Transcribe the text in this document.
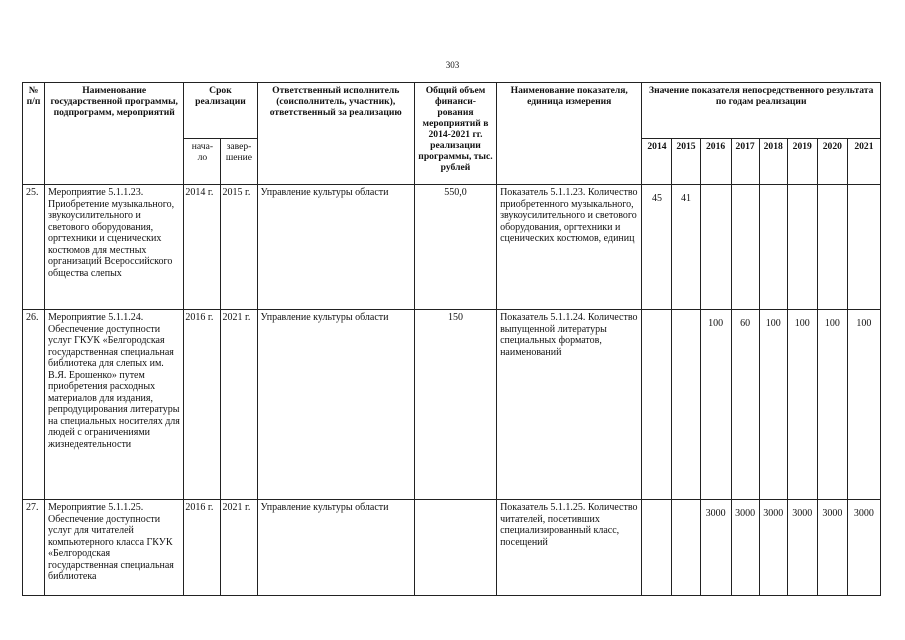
303
№ п/п	Наименование государственной программы, подпрограмм, мероприятий	Срок реализации		Ответственный исполнитель (соисполнитель, участник), ответственный за реализацию	Общий объем финанси-рования мероприятий в 2014-2021 гг. реализации программы, тыс. рублей	Наименование показателя, единица измерения	Значение показателя непосредственного результата по годам реализации							
		нача-ло	завер-шение				2014	2015	2016	2017	2018	2019	2020	2021
25.	Мероприятие 5.1.1.23. Приобретение музыкального, звукоусилительного и светового оборудования, оргтехники и сценических костюмов для местных организаций Всероссийского общества слепых	2014 г.	2015 г.	Управление культуры области	550,0	Показатель 5.1.1.23. Количество приобретенного музыкального, звукоусилительного и светового оборудования, оргтехники и сценических костюмов, единиц	45	41						
26.	Мероприятие 5.1.1.24. Обеспечение доступности услуг ГКУК «Белгородская государственная специальная библиотека для слепых им. В.Я. Ерошенко» путем приобретения расходных материалов для издания, репродуцирования литературы на специальных носителях для людей с ограничениями жизнедеятельности	2016 г.	2021 г.	Управление культуры области	150	Показатель 5.1.1.24. Количество выпущенной литературы специальных форматов, наименований			100	60	100	100	100	100
27.	Мероприятие 5.1.1.25. Обеспечение доступности услуг для читателей компьютерного класса ГКУК «Белгородская государственная специальная библиотека	2016 г.	2021 г.	Управление культуры области		Показатель 5.1.1.25. Количество читателей, посетивших специализированный класс, посещений			3000	3000	3000	3000	3000	3000
